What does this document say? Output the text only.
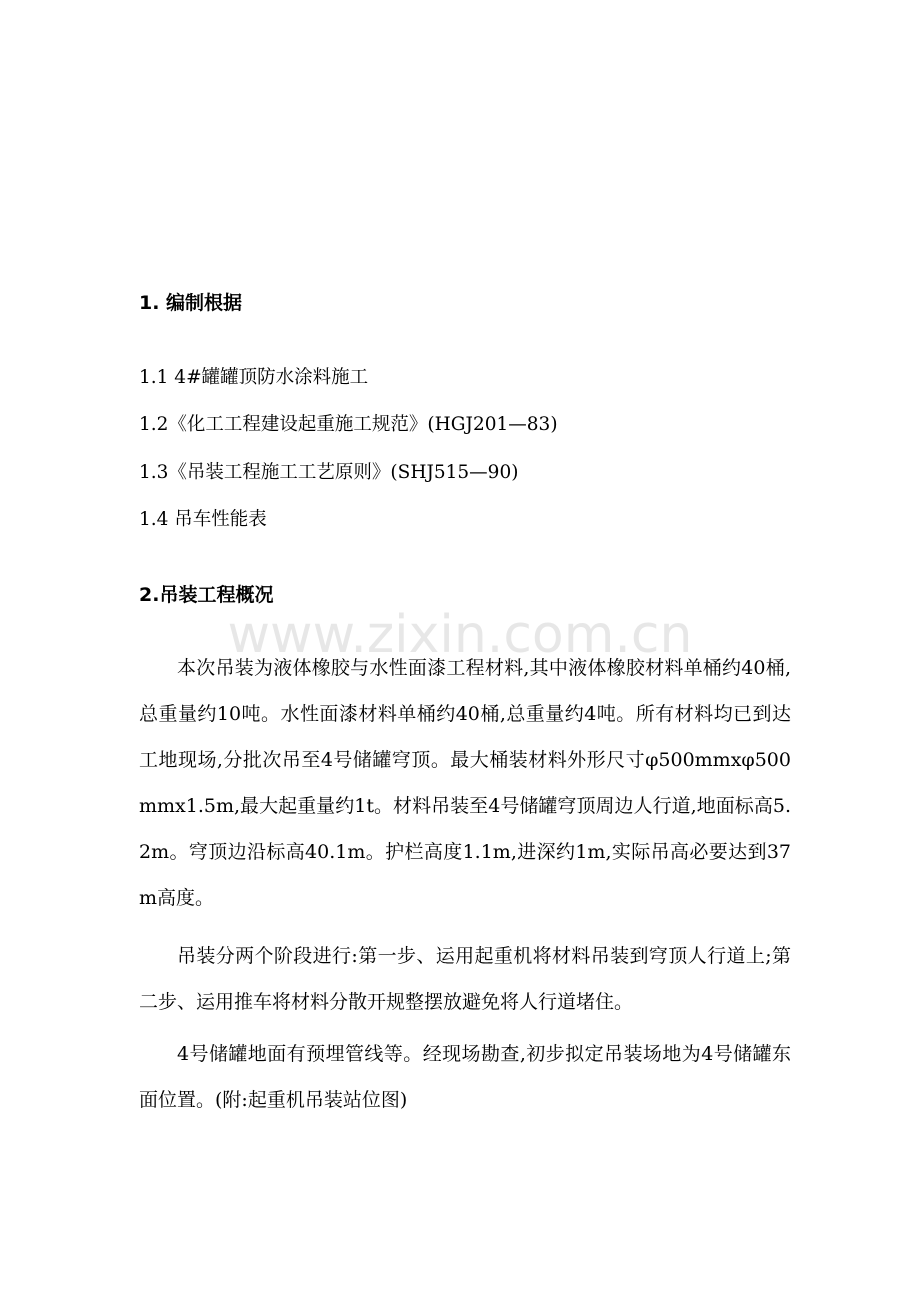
1. 编制根据
1.1 4#罐罐顶防水涂料施工
1.2《化工工程建设起重施工规范》(HGJ201—83)
1.3《吊装工程施工工艺原则》(SHJ515—90)
1.4 吊车性能表
2.吊装工程概况
本次吊装为液体橡胶与水性面漆工程材料,其中液体橡胶材料单桶约40桶,总重量约10吨。水性面漆材料单桶约40桶,总重量约4吨。所有材料均已到达工地现场,分批次吊至4号储罐穹顶。最大桶装材料外形尺寸φ500mmxφ500mmx1.5m,最大起重量约1t。材料吊装至4号储罐穹顶周边人行道,地面标高5.2m。穹顶边沿标高40.1m。护栏高度1.1m,进深约1m,实际吊高必要达到37m高度。
吊装分两个阶段进行:第一步、运用起重机将材料吊装到穹顶人行道上;第二步、运用推车将材料分散开规整摆放避免将人行道堵住。
4号储罐地面有预埋管线等。经现场勘查,初步拟定吊装场地为4号储罐东面位置。(附:起重机吊装站位图)
www.zixin.com.cn
